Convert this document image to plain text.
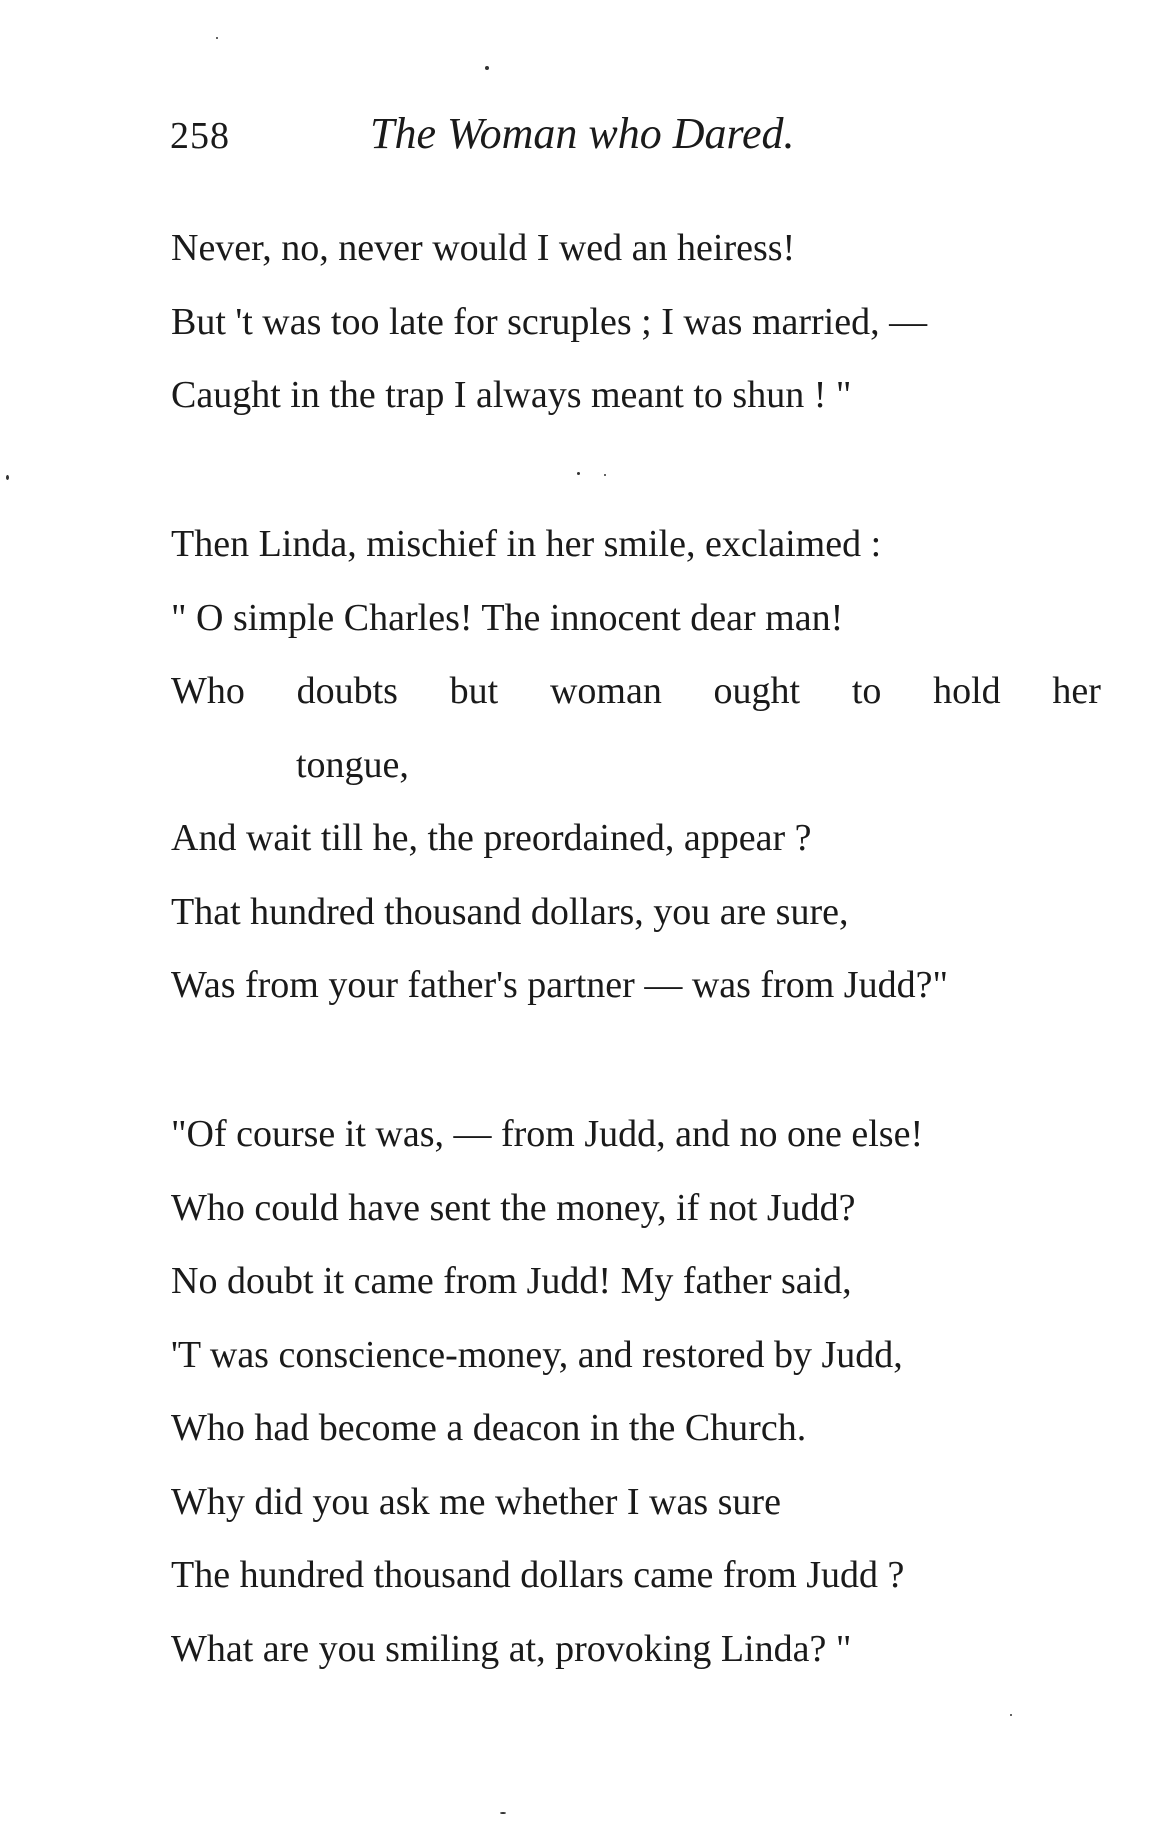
258	The Woman who Dared.
Never, no, never would I wed an heiress!
But 't was too late for scruples ; I was married, —
Caught in the trap I always meant to shun ! "
Then Linda, mischief in her smile, exclaimed :
" O simple Charles! The innocent dear man!
Who doubts but woman ought to hold her
tongue,
And wait till he, the preordained, appear ?
That hundred thousand dollars, you are sure,
Was from your father's partner — was from Judd?"
"Of course it was, — from Judd, and no one else!
Who could have sent the money, if not Judd?
No doubt it came from Judd! My father said,
'T was conscience-money, and restored by Judd,
Who had become a deacon in the Church.
Why did you ask me whether I was sure
The hundred thousand dollars came from Judd ?
What are you smiling at, provoking Linda? "
